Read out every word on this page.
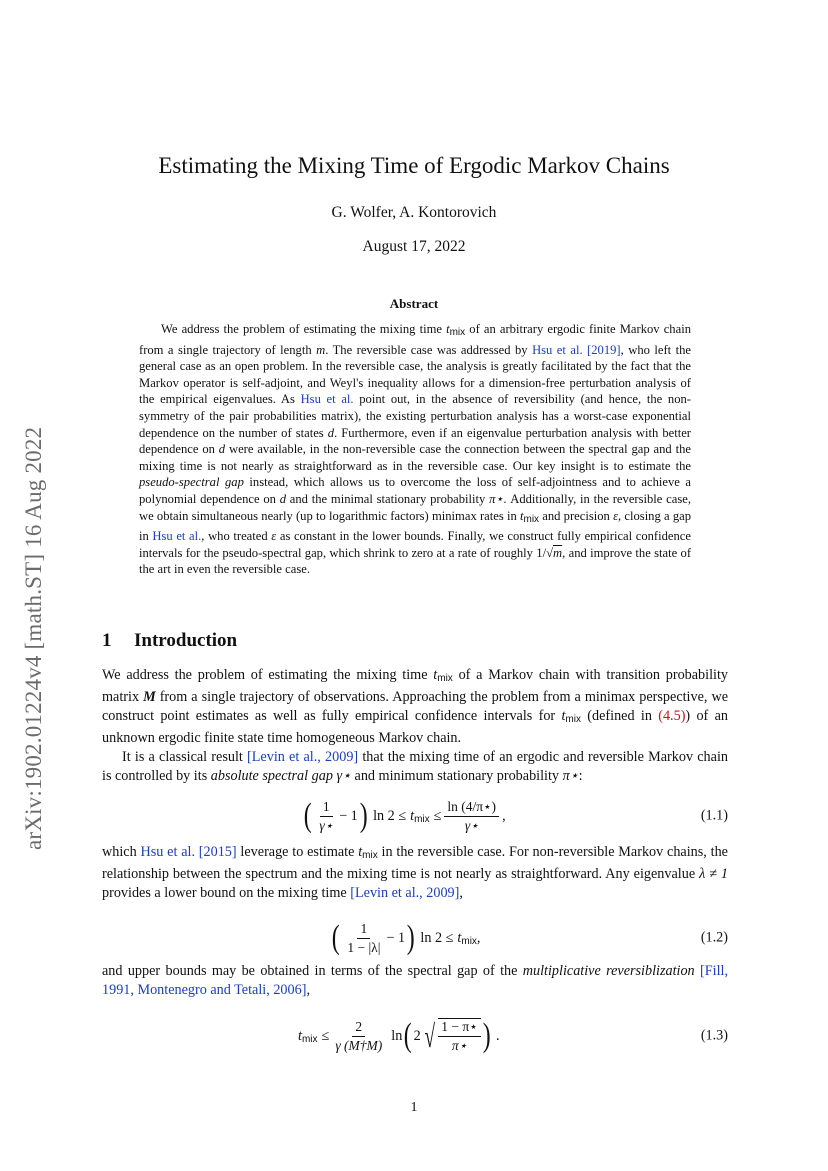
arXiv:1902.01224v4 [math.ST] 16 Aug 2022
Estimating the Mixing Time of Ergodic Markov Chains
G. Wolfer, A. Kontorovich
August 17, 2022
Abstract

We address the problem of estimating the mixing time $t_{mix}$ of an arbitrary ergodic finite Markov chain from a single trajectory of length m. The reversible case was addressed by Hsu et al. [2019], who left the general case as an open problem. In the reversible case, the analysis is greatly facilitated by the fact that the Markov operator is self-adjoint, and Weyl's inequality allows for a dimension-free perturbation analysis of the empirical eigenvalues. As Hsu et al. point out, in the absence of reversibility (and hence, the non-symmetry of the pair probabilities matrix), the existing perturbation analysis has a worst-case exponential dependence on the number of states d. Furthermore, even if an eigenvalue perturbation analysis with better dependence on d were available, in the non-reversible case the connection between the spectral gap and the mixing time is not nearly as straightforward as in the reversible case. Our key insight is to estimate the pseudo-spectral gap instead, which allows us to overcome the loss of self-adjointness and to achieve a polynomial dependence on d and the minimal stationary probability π⋆. Additionally, in the reversible case, we obtain simultaneous nearly (up to logarithmic factors) minimax rates in $t_{mix}$ and precision ε, closing a gap in Hsu et al., who treated ε as constant in the lower bounds. Finally, we construct fully empirical confidence intervals for the pseudo-spectral gap, which shrink to zero at a rate of roughly 1/√m, and improve the state of the art in even the reversible case.

1 Introduction

We address the problem of estimating the mixing time $t_{mix}$ of a Markov chain with transition probability matrix M from a single trajectory of observations. Approaching the problem from a minimax perspective, we construct point estimates as well as fully empirical confidence intervals for $t_{mix}$ (defined in (4.5)) of an unknown ergodic finite state time homogeneous Markov chain.

It is a classical result [Levin et al., 2009] that the mixing time of an ergodic and reversible Markov chain is controlled by its absolute spectral gap γ⋆ and minimum stationary probability π⋆:

( $\frac{1}{\gamma⋆} - 1$ ) $\ln 2 \le t_{mix} \le \frac{\ln (4/\pi⋆)}{\gamma⋆}$ ,	(1.1)

which Hsu et al. [2015] leverage to estimate $t_{mix}$ in the reversible case. For non-reversible Markov chains, the relationship between the spectrum and the mixing time is not nearly as straightforward. Any eigenvalue λ ≠ 1 provides a lower bound on the mixing time [Levin et al., 2009],

( $\frac{1}{1 - |\lambda|} - 1$ ) $\ln 2 \le t_{mix}$ ,	(1.2)

and upper bounds may be obtained in terms of the spectral gap of the multiplicative reversiblization [Fill, 1991, Montenegro and Tetali, 2006],

$t_{mix} \le \frac{2}{\gamma (M\dagger M)}$ ln ( 2 √ $\frac{1 - \pi⋆}{\pi⋆}$ ) .	(1.3)
1
